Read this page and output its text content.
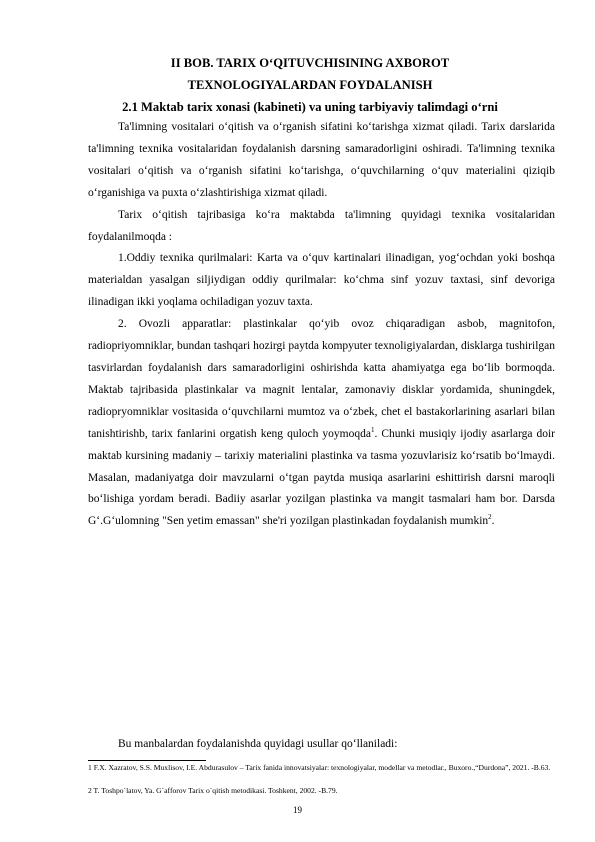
II BOB. TARIX O‘QITUVCHISINING AXBOROT
TEXNOLOGIYALARDAN FOYDALANISH
2.1 Maktab tarix xonasi (kabineti) va uning tarbiyaviy talimdagi o‘rni

Ta'limning vositalari o‘qitish va o‘rganish sifatini ko‘tarishga xizmat qiladi. Tarix darslarida ta'limning texnika vositalaridan foydalanish darsning samaradorligini oshiradi. Ta'limning texnika vositalari o‘qitish va o‘rganish sifatini ko‘tarishga, o‘quvchilarning o‘quv materialini qiziqib o‘rganishiga va puxta o‘zlashtirishiga xizmat qiladi.

Tarix o‘qitish tajribasiga ko‘ra maktabda ta'limning quyidagi texnika vositalaridan foydalanilmoqda :

1.Oddiy texnika qurilmalari: Karta va o‘quv kartinalari ilinadigan, yog‘ochdan yoki boshqa materialdan yasalgan siljiydigan oddiy qurilmalar: ko‘chma sinf yozuv taxtasi, sinf devoriga ilinadigan ikki yoqlama ochiladigan yozuv taxta.

2. Ovozli apparatlar: plastinkalar qo‘yib ovoz chiqaradigan asbob, magnitofon, radiopriyomniklar, bundan tashqari hozirgi paytda kompyuter texnoligiyalardan, disklarga tushirilgan tasvirlardan foydalanish dars samaradorligini oshirishda katta ahamiyatga ega bo‘lib bormoqda. Maktab tajribasida plastinkalar va magnit lentalar, zamonaviy disklar yordamida, shuningdek, radiopryomniklar vositasida o‘quvchilarni mumtoz va o‘zbek, chet el bastakorlarining asarlari bilan tanishtirishb, tarix fanlarini orgatish keng quloch yoymoqda$^1$. Chunki musiqiy ijodiy asarlarga doir maktab kursining madaniy – tarixiy materialini plastinka va tasma yozuvlarisiz ko‘rsatib bo‘lmaydi. Masalan, madaniyatga doir mavzularni o‘tgan paytda musiqa asarlarini eshittirish darsni maroqli bo‘lishiga yordam beradi. Badiiy asarlar yozilgan plastinka va mangit tasmalari ham bor. Darsda G‘.G‘ulomning "Sen yetim emassan" she'ri yozilgan plastinkadan foydalanish mumkin$^2$.

Bu manbalardan foydalanishda quyidagi usullar qo‘llaniladi:
1 F.X. Xazratov, S.S. Muxlisov, I.E. Abdurasulov – Tarix fanida innovatsiyalar: texnologiyalar, modellar va metodlar., Buxoro.,“Durdona”, 2021. -B.63.
2 T. Toshpo`latov, Ya. G`afforov Tarix o`qitish metodikasi. Toshkent, 2002. -B.79.
19
